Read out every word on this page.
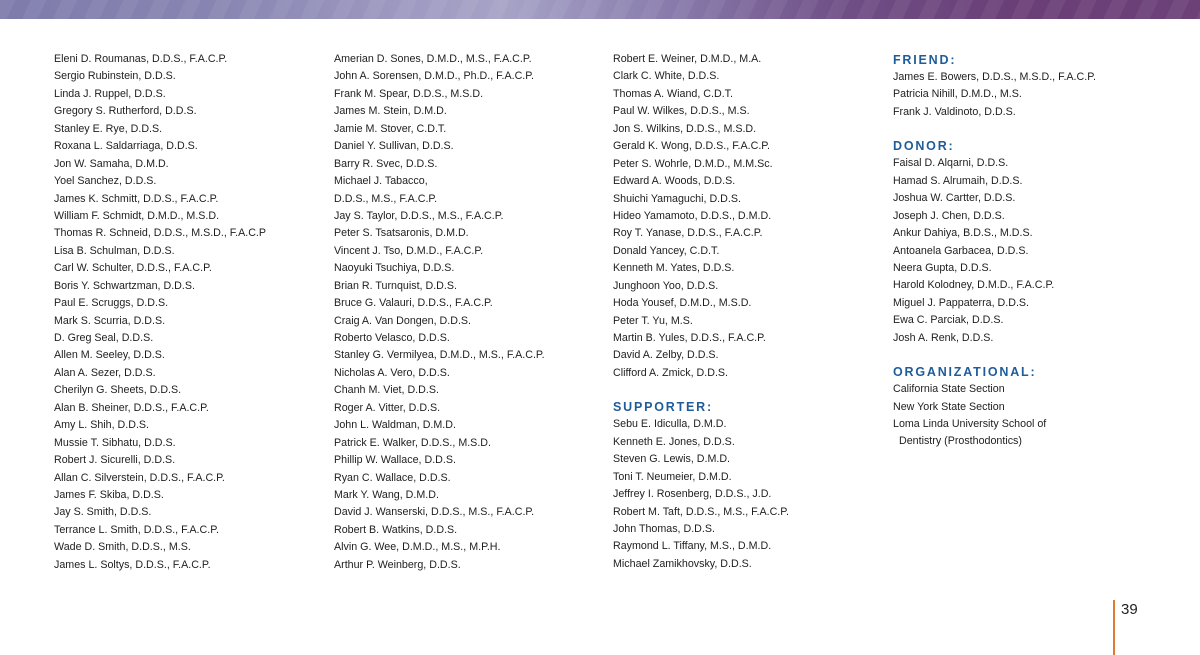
Eleni D. Roumanas, D.D.S., F.A.C.P.
Sergio Rubinstein, D.D.S.
Linda J. Ruppel, D.D.S.
Gregory S. Rutherford, D.D.S.
Stanley E. Rye, D.D.S.
Roxana L. Saldarriaga, D.D.S.
Jon W. Samaha, D.M.D.
Yoel Sanchez, D.D.S.
James K. Schmitt, D.D.S., F.A.C.P.
William F. Schmidt, D.M.D., M.S.D.
Thomas R. Schneid, D.D.S., M.S.D., F.A.C.P
Lisa B. Schulman, D.D.S.
Carl W. Schulter, D.D.S., F.A.C.P.
Boris Y. Schwartzman, D.D.S.
Paul E. Scruggs, D.D.S.
Mark S. Scurria, D.D.S.
D. Greg Seal, D.D.S.
Allen M. Seeley, D.D.S.
Alan A. Sezer, D.D.S.
Cherilyn G. Sheets, D.D.S.
Alan B. Sheiner, D.D.S., F.A.C.P.
Amy L. Shih, D.D.S.
Mussie T. Sibhatu, D.D.S.
Robert J. Sicurelli, D.D.S.
Allan C. Silverstein, D.D.S., F.A.C.P.
James F. Skiba, D.D.S.
Jay S. Smith, D.D.S.
Terrance L. Smith, D.D.S., F.A.C.P.
Wade D. Smith, D.D.S., M.S.
James L. Soltys, D.D.S., F.A.C.P.
Amerian D. Sones, D.M.D., M.S., F.A.C.P.
John A. Sorensen, D.M.D., Ph.D., F.A.C.P.
Frank M. Spear, D.D.S., M.S.D.
James M. Stein, D.M.D.
Jamie M. Stover, C.D.T.
Daniel Y. Sullivan, D.D.S.
Barry R. Svec, D.D.S.
Michael J. Tabacco,
D.D.S., M.S., F.A.C.P.
Jay S. Taylor, D.D.S., M.S., F.A.C.P.
Peter S. Tsatsaronis, D.M.D.
Vincent J. Tso, D.M.D., F.A.C.P.
Naoyuki Tsuchiya, D.D.S.
Brian R. Turnquist, D.D.S.
Bruce G. Valauri, D.D.S., F.A.C.P.
Craig A. Van Dongen, D.D.S.
Roberto Velasco, D.D.S.
Stanley G. Vermilyea, D.M.D., M.S., F.A.C.P.
Nicholas A. Vero, D.D.S.
Chanh M. Viet, D.D.S.
Roger A. Vitter, D.D.S.
John L. Waldman, D.M.D.
Patrick E. Walker, D.D.S., M.S.D.
Phillip W. Wallace, D.D.S.
Ryan C. Wallace, D.D.S.
Mark Y. Wang, D.M.D.
David J. Wanserski, D.D.S., M.S., F.A.C.P.
Robert B. Watkins, D.D.S.
Alvin G. Wee, D.M.D., M.S., M.P.H.
Arthur P. Weinberg, D.D.S.
Robert E. Weiner, D.M.D., M.A.
Clark C. White, D.D.S.
Thomas A. Wiand, C.D.T.
Paul W. Wilkes, D.D.S., M.S.
Jon S. Wilkins, D.D.S., M.S.D.
Gerald K. Wong, D.D.S., F.A.C.P.
Peter S. Wohrle, D.M.D., M.M.Sc.
Edward A. Woods, D.D.S.
Shuichi Yamaguchi, D.D.S.
Hideo Yamamoto, D.D.S., D.M.D.
Roy T. Yanase, D.D.S., F.A.C.P.
Donald Yancey, C.D.T.
Kenneth M. Yates, D.D.S.
Junghoon Yoo, D.D.S.
Hoda Yousef, D.M.D., M.S.D.
Peter T. Yu, M.S.
Martin B. Yules, D.D.S., F.A.C.P.
David A. Zelby, D.D.S.
Clifford A. Zmick, D.D.S.
SUPPORTER:
Sebu E. Idiculla, D.M.D.
Kenneth E. Jones, D.D.S.
Steven G. Lewis, D.M.D.
Toni T. Neumeier, D.M.D.
Jeffrey I. Rosenberg, D.D.S., J.D.
Robert M. Taft, D.D.S., M.S., F.A.C.P.
John Thomas, D.D.S.
Raymond L. Tiffany, M.S., D.M.D.
Michael Zamikhovsky, D.D.S.
FRIEND:
James E. Bowers, D.D.S., M.S.D., F.A.C.P.
Patricia Nihill, D.M.D., M.S.
Frank J. Valdinoto, D.D.S.
DONOR:
Faisal D. Alqarni, D.D.S.
Hamad S. Alrumaih, D.D.S.
Joshua W. Cartter, D.D.S.
Joseph J. Chen, D.D.S.
Ankur Dahiya, B.D.S., M.D.S.
Antoanela Garbacea, D.D.S.
Neera Gupta, D.D.S.
Harold Kolodney, D.M.D., F.A.C.P.
Miguel J. Pappaterra, D.D.S.
Ewa C. Parciak, D.D.S.
Josh A. Renk, D.D.S.
ORGANIZATIONAL:
California State Section
New York State Section
Loma Linda University School of
Dentistry (Prosthodontics)
39
